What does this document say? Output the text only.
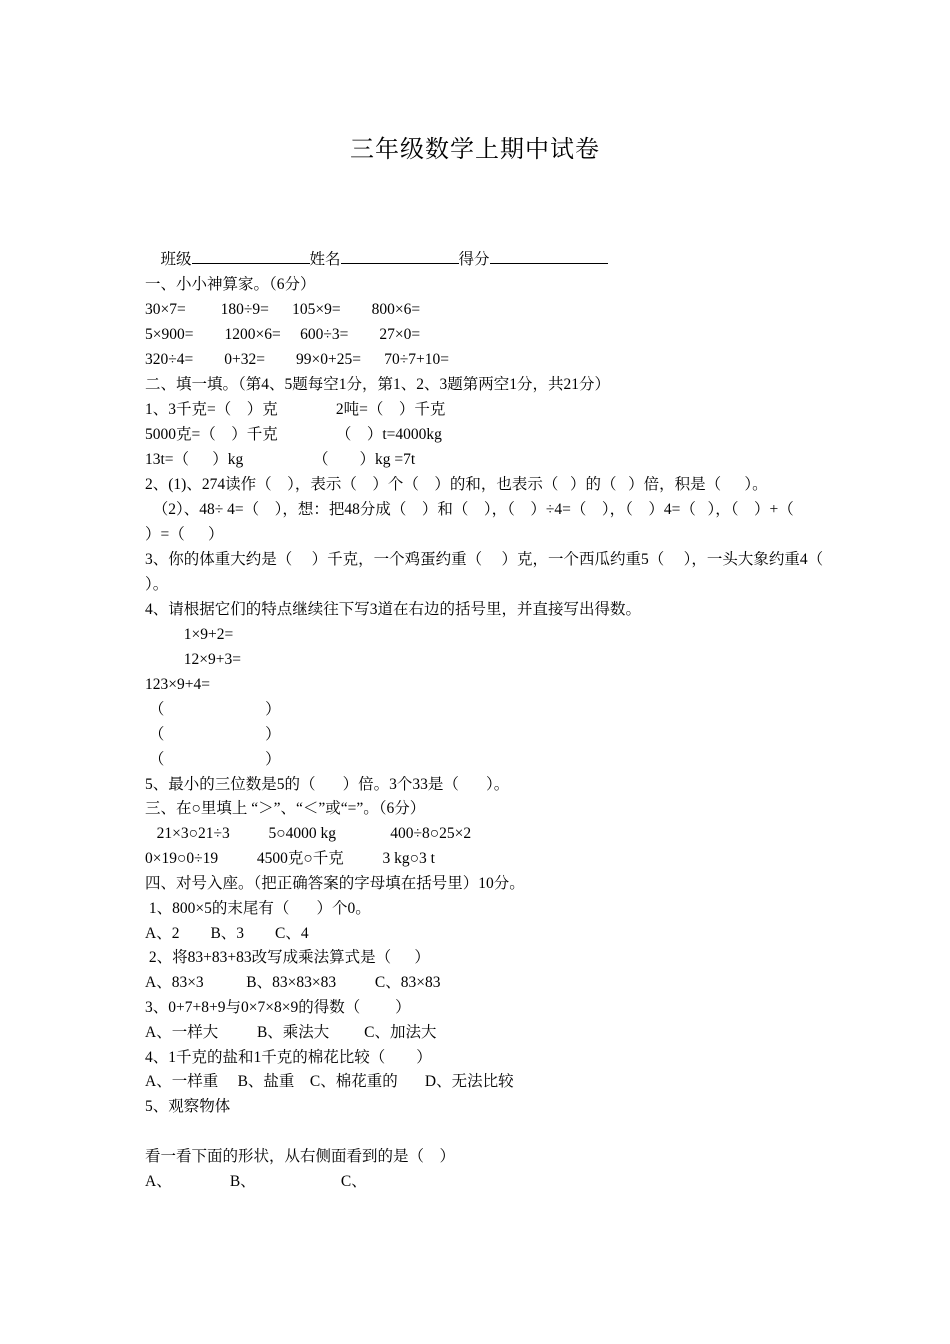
三年级数学上期中试卷

班级	姓名	得分

一、小小神算家。（6分）
30×7=         180÷9=      105×9=        800×6=
5×900=        1200×6=     600÷3=        27×0=
320÷4=        0+32=        99×0+25=      70÷7+10=
二、填一填。（第4、5题每空1分，第1、2、3题第两空1分，共21分）
1、3千克=（    ）克               2吨=（    ）千克
5000克=（    ）千克               （    ）t=4000kg
13t=（      ）kg                  （        ）kg =7t
2、(1)、274读作（    ），表示（    ）个（    ）的和，也表示（   ）的（   ）倍，积是（      ）。
（2）、48÷ 4=（    ），想：把48分成（    ）和（    ），（    ）÷4=（    ），（    ）4=（   ），（    ）+（
）=（      ）
3、你的体重大约是（     ）千克，一个鸡蛋约重（     ）克，一个西瓜约重5（     ），一头大象约重4（
）。
4、请根据它们的特点继续往下写3道在右边的括号里，并直接写出得数。
1×9+2=
12×9+3=
123×9+4=
（                          ）
（                          ）
（                          ）
5、最小的三位数是5的（       ）倍。3个33是（       ）。
三、在○里填上 “＞”、“＜”或“=”。（6分）
21×3○21÷3          5○4000 kg              400÷8○25×2
0×19○0÷19          4500克○千克          3 kg○3 t
四、对号入座。（把正确答案的字母填在括号里）10分。
1、800×5的末尾有（       ）个0。
A、2        B、3        C、4
2、将83+83+83改写成乘法算式是（      ）
A、83×3           B、83×83×83          C、83×83
3、0+7+8+9与0×7×8×9的得数（         ）
A、一样大          B、乘法大         C、加法大
4、1千克的盐和1千克的棉花比较（        ）
A、一样重     B、盐重    C、棉花重的       D、无法比较
5、观察物体
看一看下面的形状，从右侧面看到的是（    ）
A、               B、                      C、
